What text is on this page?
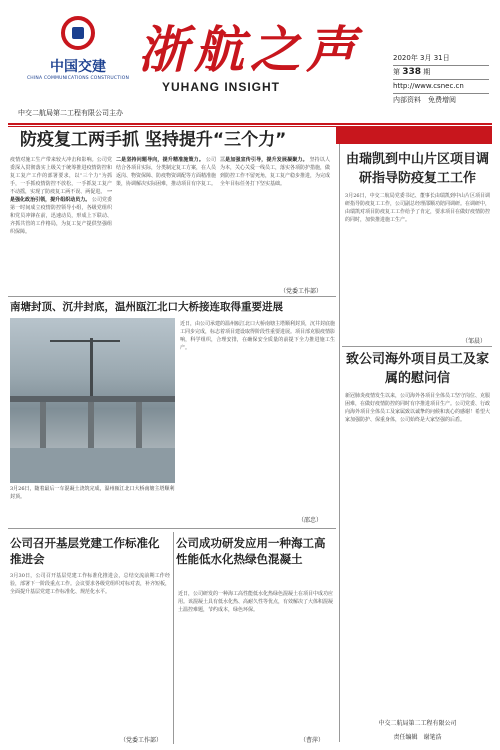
中国交建
CHINA COMMUNICATIONS CONSTRUCTION 浙航之声
YUHANG INSIGHT
2020年 3月 31日
第 338 期
http://www.csnec.cn
内部资料　免费增阅
中交二航局第二工程有限公司主办
防疫复工两手抓 坚持提升“三个力”
疫情对施工生产带来较大冲击和影响。公司党委深入贯彻落实上级关于统筹推进疫情防控和复工复产工作的部署要求，以“三个力”为抓手，一手抓疫情防控不放松，一手抓复工复产不动摇，实现了防疫复工两不误、两促进。 一是强化政治引领，提升组织动员力。 公司党委第一时间成立疫情防控领导小组，各级党组织和党员冲锋在前，迅速动员，形成上下联动、齐抓共管的工作格局，为复工复产提供坚强组织保障。
二是坚持问题导向，提升精准施策力。 公司结合各项目实际，分类制定复工方案，在人员返岗、物资保障、防疫物资调配等方面精准施策，协调解决实际困难，推动项目有序复工。
三是加强宣传引导，提升发展凝聚力。 坚持以人为本，关心关爱一线员工，落实各项防护措施，做到防控工作不留死角，复工复产稳步推进，为完成全年目标任务打下坚实基础。
（党委工作部）
南塘封顶、沉井封底，温州瓯江北口大桥接连取得重要进展
3月26日，随着最后一车混凝土浇筑完成，温州瓯江北口大桥南塘主塔顺利封顶。
近日，由公司承建的温州瓯江北口大桥南塘主塔顺利封顶，沉井封底施工同步完成，标志着项目建设取得阶段性重要进展。项目部克服疫情影响，科学组织，合理安排，在确保安全质量的前提下全力推进施工生产。
（邵忠）
公司召开基层党建工作标准化推进会
3月30日，公司召开基层党建工作标准化推进会，总结交流前期工作经验，部署下一阶段重点工作。会议要求各级党组织对标对表，补齐短板，全面提升基层党建工作标准化、规范化水平。
（党委工作部）
公司成功研发应用一种海工高性能低水化热绿色混凝土
近日，公司研发的一种海工高性能低水化热绿色混凝土在项目中成功应用。该混凝土具有低水化热、高耐久性等优点，有效解决了大体积混凝土温控难题，节约成本，绿色环保。
（曹萍）
由瑞凯到中山片区项目调研指导防疫复工工作
3月26日，中交二航局党委书记、董事长由瑞凯到中山片区项目调研指导防疫复工工作，公司副总经理邵顺功陪同调研。在调研中，由瑞凯对项目防疫复工工作给予了肯定，要求项目在做好疫情防控的同时，加快推进施工生产。
（邹晨）
致公司海外项目员工及家属的慰问信
新冠肺炎疫情发生以来，公司海外各项目全体员工坚守岗位、克服困难，在做好疫情防控的同时有序推进项目生产。公司党委、行政向海外项目全体员工及家属致以诚挚的问候和衷心的感谢！希望大家加强防护、保重身体，公司始终是大家坚强的后盾。
中交二航局第二工程有限公司
责任编辑　谢笔浩
